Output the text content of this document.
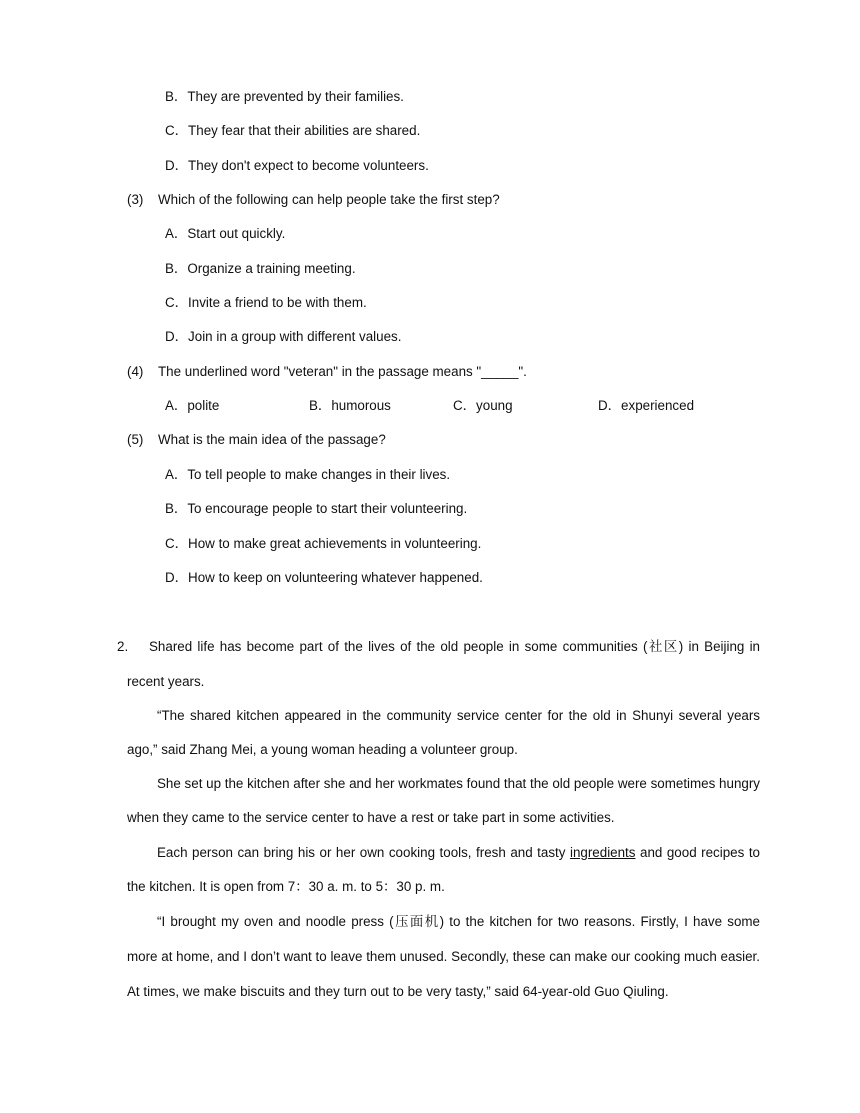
B．They are prevented by their families.
C．They fear that their abilities are shared.
D．They don't expect to become volunteers.
(3) Which of the following can help people take the first step?
A．Start out quickly.
B．Organize a training meeting.
C．Invite a friend to be with them.
D．Join in a group with different values.
(4) The underlined word "veteran" in the passage means "_____".
A．polite	B．humorous	C．young	D．experienced
(5) What is the main idea of the passage?
A．To tell people to make changes in their lives.
B．To encourage people to start their volunteering.
C．How to make great achievements in volunteering.
D．How to keep on volunteering whatever happened.
2.	Shared life has become part of the lives of the old people in some communities (社区) in Beijing in recent years.
“The shared kitchen appeared in the community service center for the old in Shunyi several years ago,” said Zhang Mei, a young woman heading a volunteer group.
She set up the kitchen after she and her workmates found that the old people were sometimes hungry when they came to the service center to have a rest or take part in some activities.
Each person can bring his or her own cooking tools, fresh and tasty ingredients and good recipes to the kitchen. It is open from 7：30 a. m. to 5：30 p. m.
“I brought my oven and noodle press (压面机) to the kitchen for two reasons. Firstly, I have some more at home, and I don’t want to leave them unused. Secondly, these can make our cooking much easier. At times, we make biscuits and they turn out to be very tasty,” said 64-year-old Guo Qiuling.
